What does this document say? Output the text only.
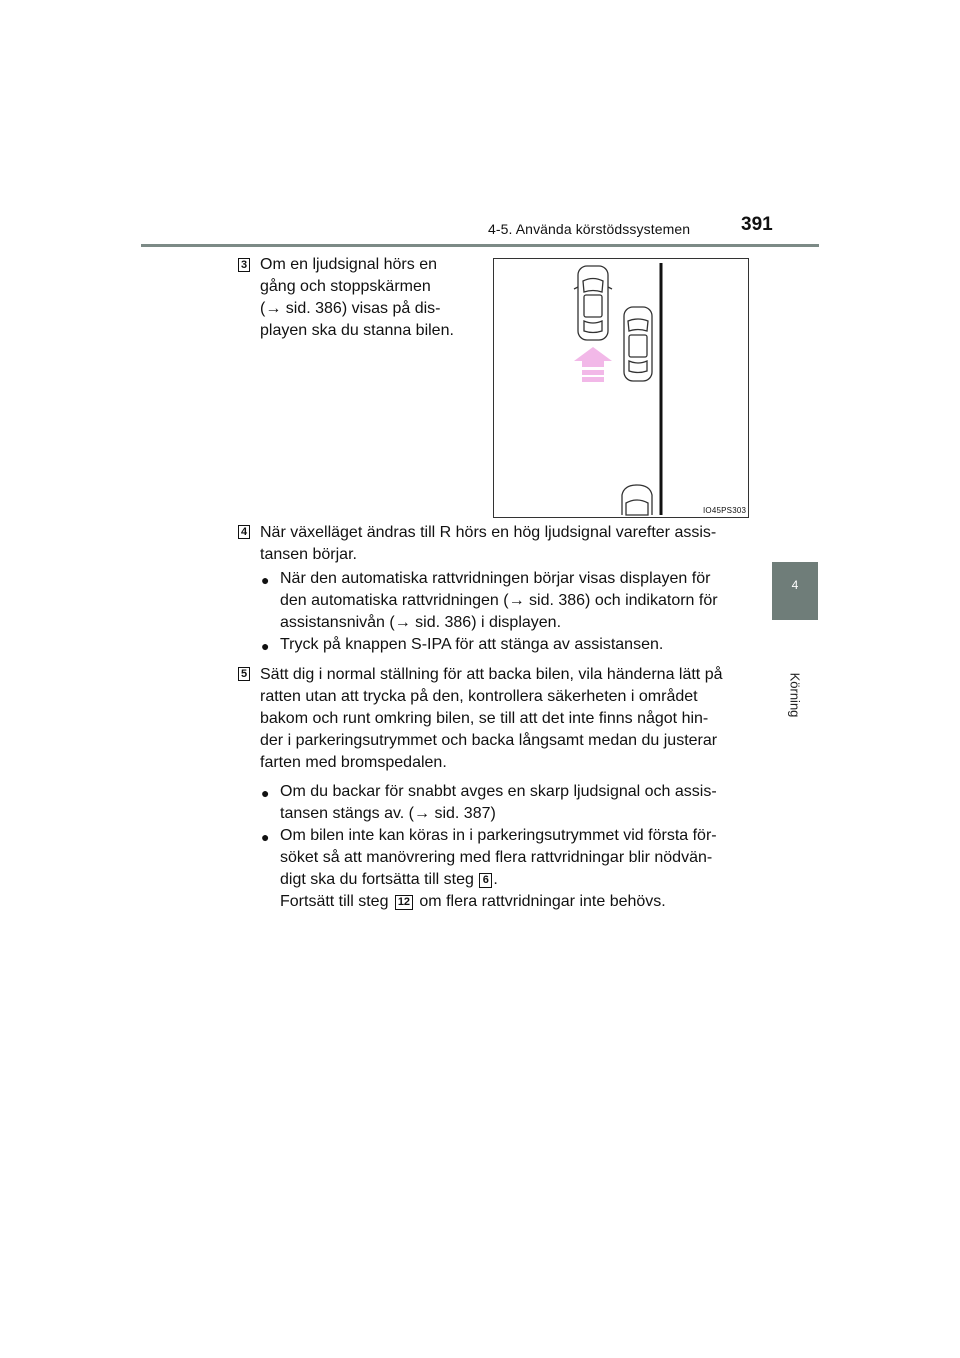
4-5. Använda körstödssystemen	391
4
Körning
3 Om en ljudsignal hörs en
gång och stoppskärmen
(→ sid. 386) visas på dis-
playen ska du stanna bilen.
IO45PS303
4 När växelläget ändras till R hörs en hög ljudsignal varefter assis-
tansen börjar.
● När den automatiska rattvridningen börjar visas displayen för
den automatiska rattvridningen (→ sid. 386) och indikatorn för
assistansnivån (→ sid. 386) i displayen.
● Tryck på knappen S-IPA för att stänga av assistansen.
5 Sätt dig i normal ställning för att backa bilen, vila händerna lätt på
ratten utan att trycka på den, kontrollera säkerheten i området
bakom och runt omkring bilen, se till att det inte finns något hin-
der i parkeringsutrymmet och backa långsamt medan du justerar
farten med bromspedalen.
● Om du backar för snabbt avges en skarp ljudsignal och assis-
tansen stängs av. (→ sid. 387)
● Om bilen inte kan köras in i parkeringsutrymmet vid första för-
söket så att manövrering med flera rattvridningar blir nödvän-
digt ska du fortsätta till steg 6 .
Fortsätt till steg 12 om flera rattvridningar inte behövs.
